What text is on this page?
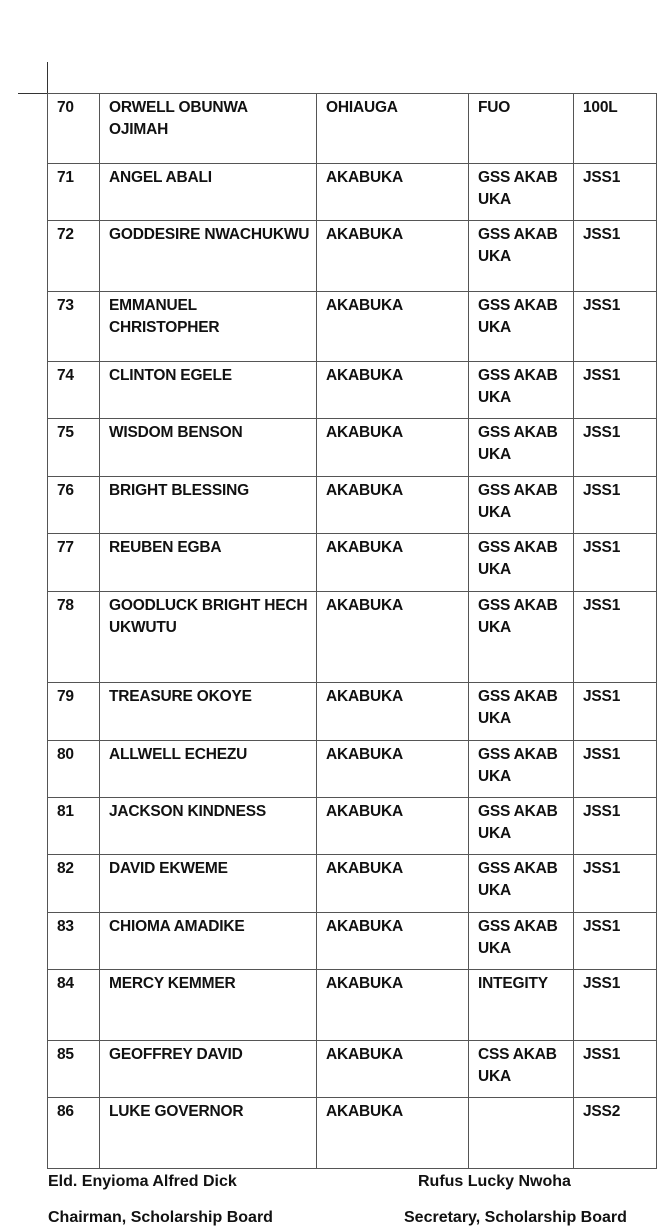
70	ORWELL OBUNWA OJIMAH	OHIAUGA	FUO	100L
71	ANGEL ABALI	AKABUKA	GSS AKAB UKA	JSS1
72	GODDESIRE NWACHUKWU	AKABUKA	GSS AKAB UKA	JSS1
73	EMMANUEL CHRISTOPHER	AKABUKA	GSS AKAB UKA	JSS1
74	CLINTON EGELE	AKABUKA	GSS AKAB UKA	JSS1
75	WISDOM BENSON	AKABUKA	GSS AKAB UKA	JSS1
76	BRIGHT BLESSING	AKABUKA	GSS AKAB UKA	JSS1
77	REUBEN EGBA	AKABUKA	GSS AKAB UKA	JSS1
78	GOODLUCK BRIGHT HECH UKWUTU	AKABUKA	GSS AKAB UKA	JSS1
79	TREASURE OKOYE	AKABUKA	GSS AKAB UKA	JSS1
80	ALLWELL ECHEZU	AKABUKA	GSS AKAB UKA	JSS1
81	JACKSON KINDNESS	AKABUKA	GSS AKAB UKA	JSS1
82	DAVID EKWEME	AKABUKA	GSS AKAB UKA	JSS1
83	CHIOMA AMADIKE	AKABUKA	GSS AKAB UKA	JSS1
84	MERCY KEMMER	AKABUKA	INTEGITY	JSS1
85	GEOFFREY DAVID	AKABUKA	CSS AKAB UKA	JSS1
86	LUKE GOVERNOR	AKABUKA		JSS2
Eld. Enyioma Alfred Dick
Chairman, Scholarship Board
Rufus Lucky Nwoha
Secretary, Scholarship Board
